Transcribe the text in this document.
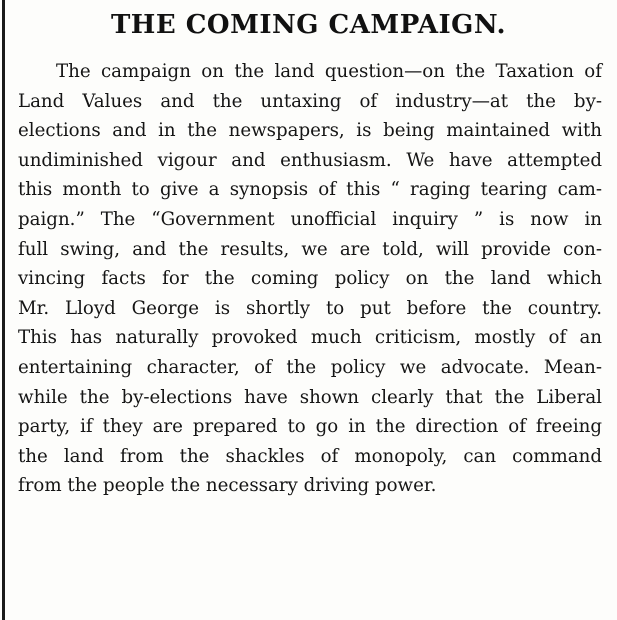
THE COMING CAMPAIGN.
The campaign on the land question—on the Taxation of
Land Values and the untaxing of industry—at the by-
elections and in the newspapers, is being maintained with
undiminished vigour and enthusiasm. We have attempted
this month to give a synopsis of this “ raging tearing cam-
paign.” The “Government unofficial inquiry ” is now in
full swing, and the results, we are told, will provide con-
vincing facts for the coming policy on the land which
Mr. Lloyd George is shortly to put before the country.
This has naturally provoked much criticism, mostly of an
entertaining character, of the policy we advocate. Mean-
while the by-elections have shown clearly that the Liberal
party, if they are prepared to go in the direction of freeing
the land from the shackles of monopoly, can command
from the people the necessary driving power.
